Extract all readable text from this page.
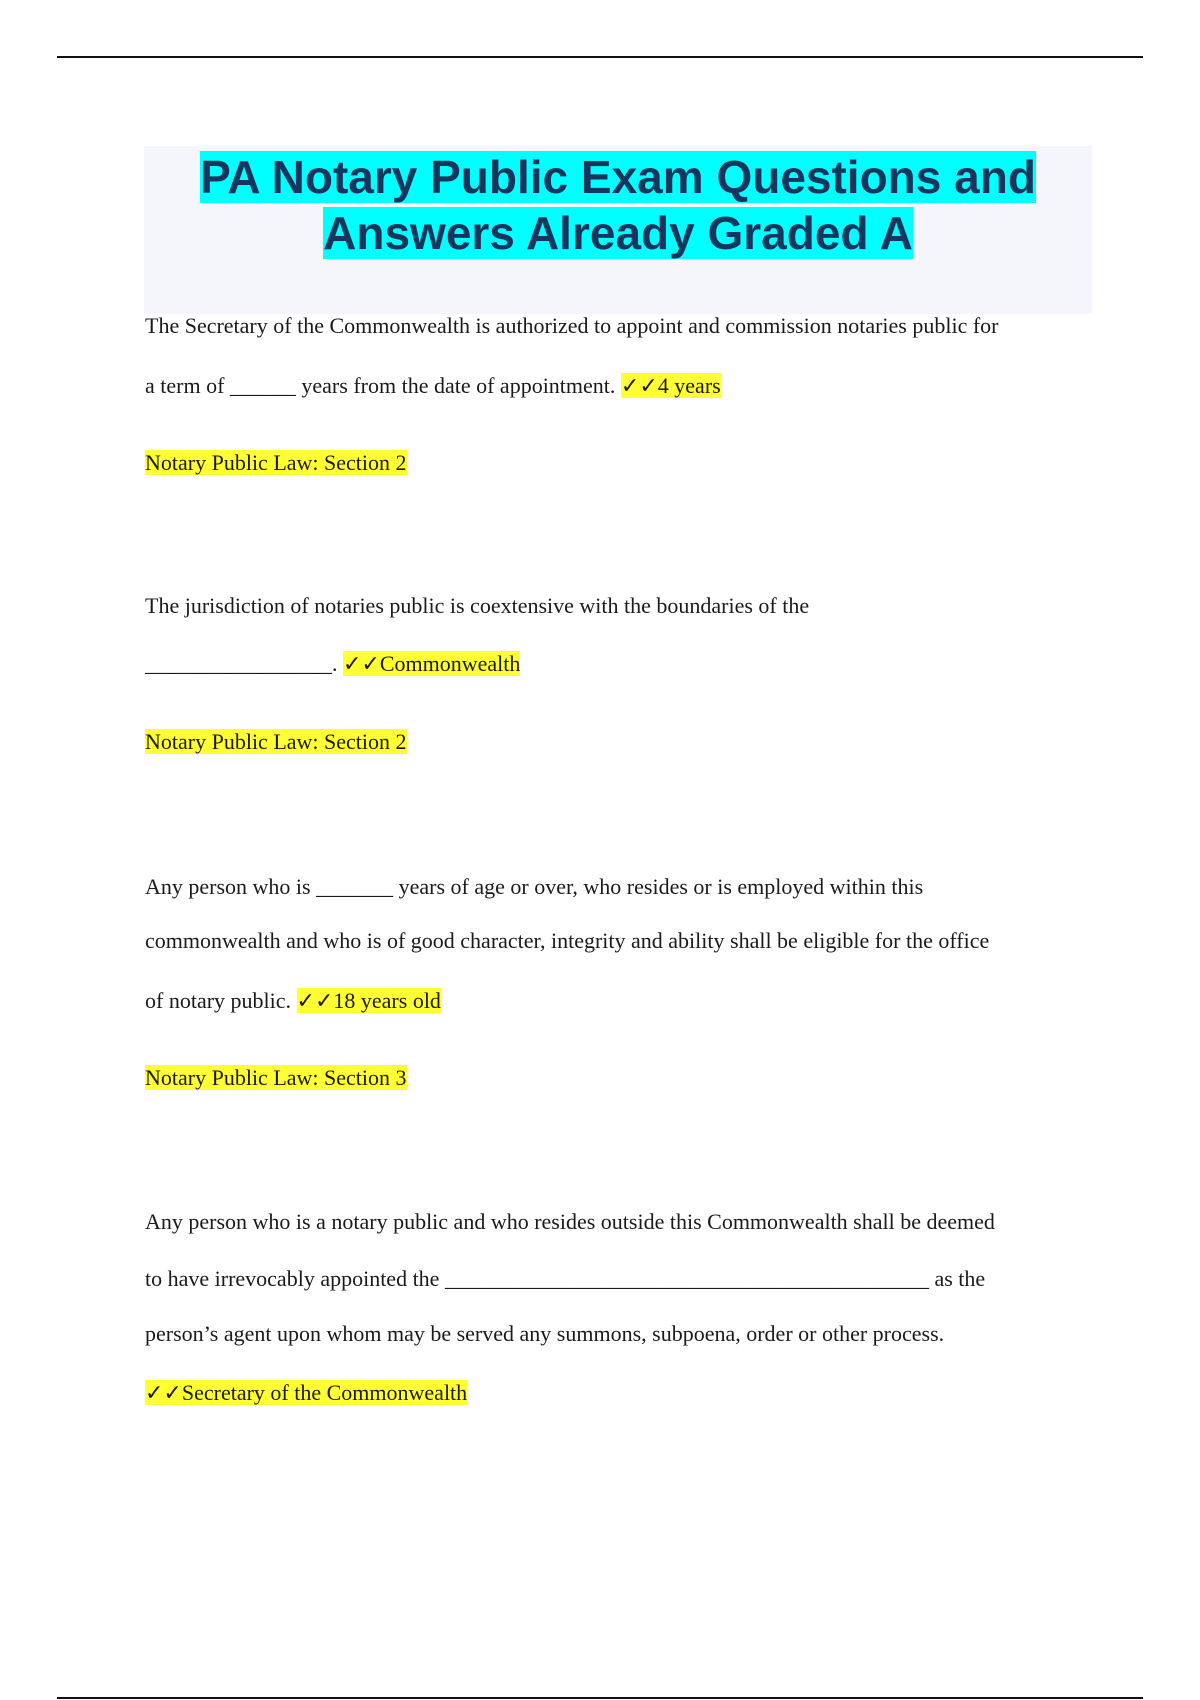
PA Notary Public Exam Questions and
Answers Already Graded A

The Secretary of the Commonwealth is authorized to appoint and commission notaries public for

a term of ______ years from the date of appointment. ✓✓4 years

Notary Public Law: Section 2

The jurisdiction of notaries public is coextensive with the boundaries of the

_________________. ✓✓Commonwealth

Notary Public Law: Section 2

Any person who is _______ years of age or over, who resides or is employed within this

commonwealth and who is of good character, integrity and ability shall be eligible for the office

of notary public. ✓✓18 years old

Notary Public Law: Section 3

Any person who is a notary public and who resides outside this Commonwealth shall be deemed

to have irrevocably appointed the ____________________________________________ as the

person’s agent upon whom may be served any summons, subpoena, order or other process.

✓✓Secretary of the Commonwealth
